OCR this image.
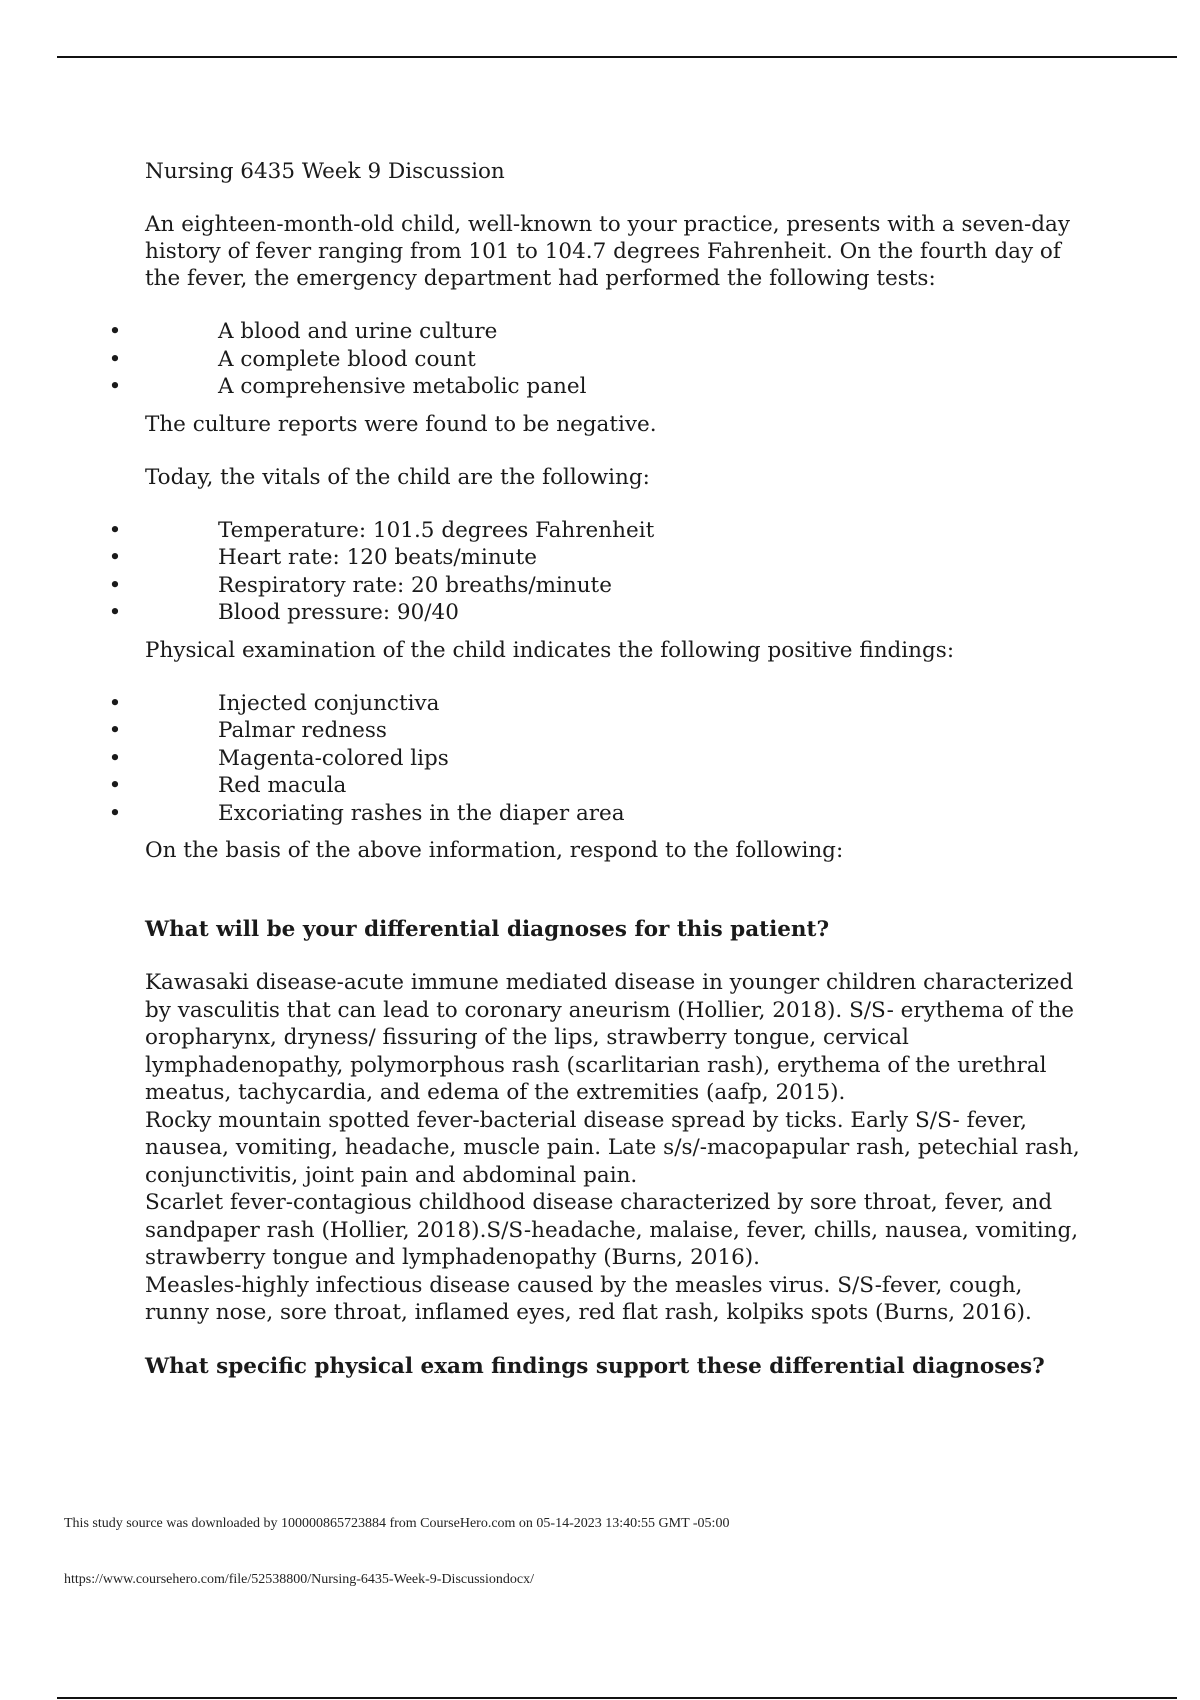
Nursing 6435 Week 9 Discussion

An eighteen-month-old child, well-known to your practice, presents with a seven-day history of fever ranging from 101 to 104.7 degrees Fahrenheit. On the fourth day of the fever, the emergency department had performed the following tests:

•	A blood and urine culture
•	A complete blood count
•	A comprehensive metabolic panel

The culture reports were found to be negative.

Today, the vitals of the child are the following:

•	Temperature: 101.5 degrees Fahrenheit
•	Heart rate: 120 beats/minute
•	Respiratory rate: 20 breaths/minute
•	Blood pressure: 90/40

Physical examination of the child indicates the following positive findings:

•	Injected conjunctiva
•	Palmar redness
•	Magenta-colored lips
•	Red macula
•	Excoriating rashes in the diaper area

On the basis of the above information, respond to the following:

What will be your differential diagnoses for this patient?

Kawasaki disease-acute immune mediated disease in younger children characterized by vasculitis that can lead to coronary aneurism (Hollier, 2018). S/S- erythema of the oropharynx, dryness/ fissuring of the lips, strawberry tongue, cervical lymphadenopathy, polymorphous rash (scarlitarian rash), erythema of the urethral meatus, tachycardia, and edema of the extremities (aafp, 2015).

Rocky mountain spotted fever-bacterial disease spread by ticks. Early S/S- fever, nausea, vomiting, headache, muscle pain. Late s/s/-macopapular rash, petechial rash, conjunctivitis, joint pain and abdominal pain.

Scarlet fever-contagious childhood disease characterized by sore throat, fever, and sandpaper rash (Hollier, 2018).S/S-headache, malaise, fever, chills, nausea, vomiting, strawberry tongue and lymphadenopathy (Burns, 2016).

Measles-highly infectious disease caused by the measles virus. S/S-fever, cough, runny nose, sore throat, inflamed eyes, red flat rash, kolpiks spots (Burns, 2016).

What specific physical exam findings support these differential diagnoses?

This study source was downloaded by 100000865723884 from CourseHero.com on 05-14-2023 13:40:55 GMT -05:00
https://www.coursehero.com/file/52538800/Nursing-6435-Week-9-Discussiondocx/
